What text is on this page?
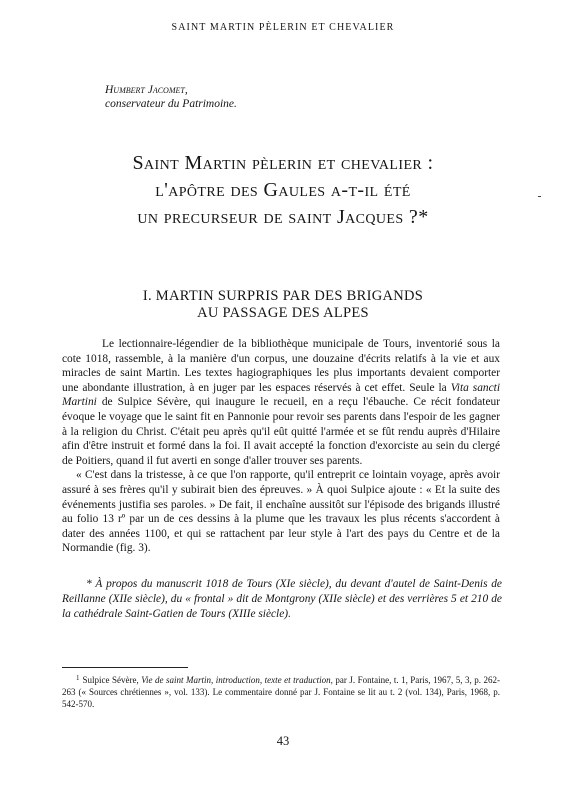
SAINT MARTIN PÈLERIN ET CHEVALIER
Humbert Jacomet,
conservateur du Patrimoine.
Saint Martin pèlerin et chevalier :
l'apôtre des Gaules a-t-il été
un precurseur de saint Jacques ?*
I. MARTIN SURPRIS PAR DES BRIGANDS
AU PASSAGE DES ALPES

Le lectionnaire-légendier de la bibliothèque municipale de Tours, inventorié sous la cote 1018, rassemble, à la manière d'un corpus, une douzaine d'écrits relatifs à la vie et aux miracles de saint Martin. Les textes hagiographiques les plus importants devaient comporter une abondante illustration, à en juger par les espaces réservés à cet effet. Seule la Vita sancti Martini de Sulpice Sévère, qui inaugure le recueil, en a reçu l'ébauche. Ce récit fondateur évoque le voyage que le saint fit en Pannonie pour revoir ses parents dans l'espoir de les gagner à la religion du Christ. C'était peu après qu'il eût quitté l'armée et se fût rendu auprès d'Hilaire afin d'être instruit et formé dans la foi. Il avait accepté la fonction d'exorciste au sein du clergé de Poitiers, quand il fut averti en songe d'aller trouver ses parents.

« C'est dans la tristesse, à ce que l'on rapporte, qu'il entreprit ce lointain voyage, après avoir assuré à ses frères qu'il y subirait bien des épreuves. » À quoi Sulpice ajoute : « Et la suite des événements justifia ses paroles. » De fait, il enchaîne aussitôt sur l'épisode des brigands illustré au folio 13 rº par un de ces dessins à la plume que les travaux les plus récents s'accordent à dater des années 1100, et qui se rattachent par leur style à l'art des pays du Centre et de la Normandie (fig. 3).

* À propos du manuscrit 1018 de Tours (XIe siècle), du devant d'autel de Saint-Denis de Reillanne (XIIe siècle), du « frontal » dit de Montgrony (XIIe siècle) et des verrières 5 et 210 de la cathédrale Saint-Gatien de Tours (XIIIe siècle).
$^1$ Sulpice Sévère, Vie de saint Martin, introduction, texte et traduction, par J. Fontaine, t. 1, Paris, 1967, 5, 3, p. 262-263 (« Sources chrétiennes », vol. 133). Le commentaire donné par J. Fontaine se lit au t. 2 (vol. 134), Paris, 1968, p. 542-570.
43
